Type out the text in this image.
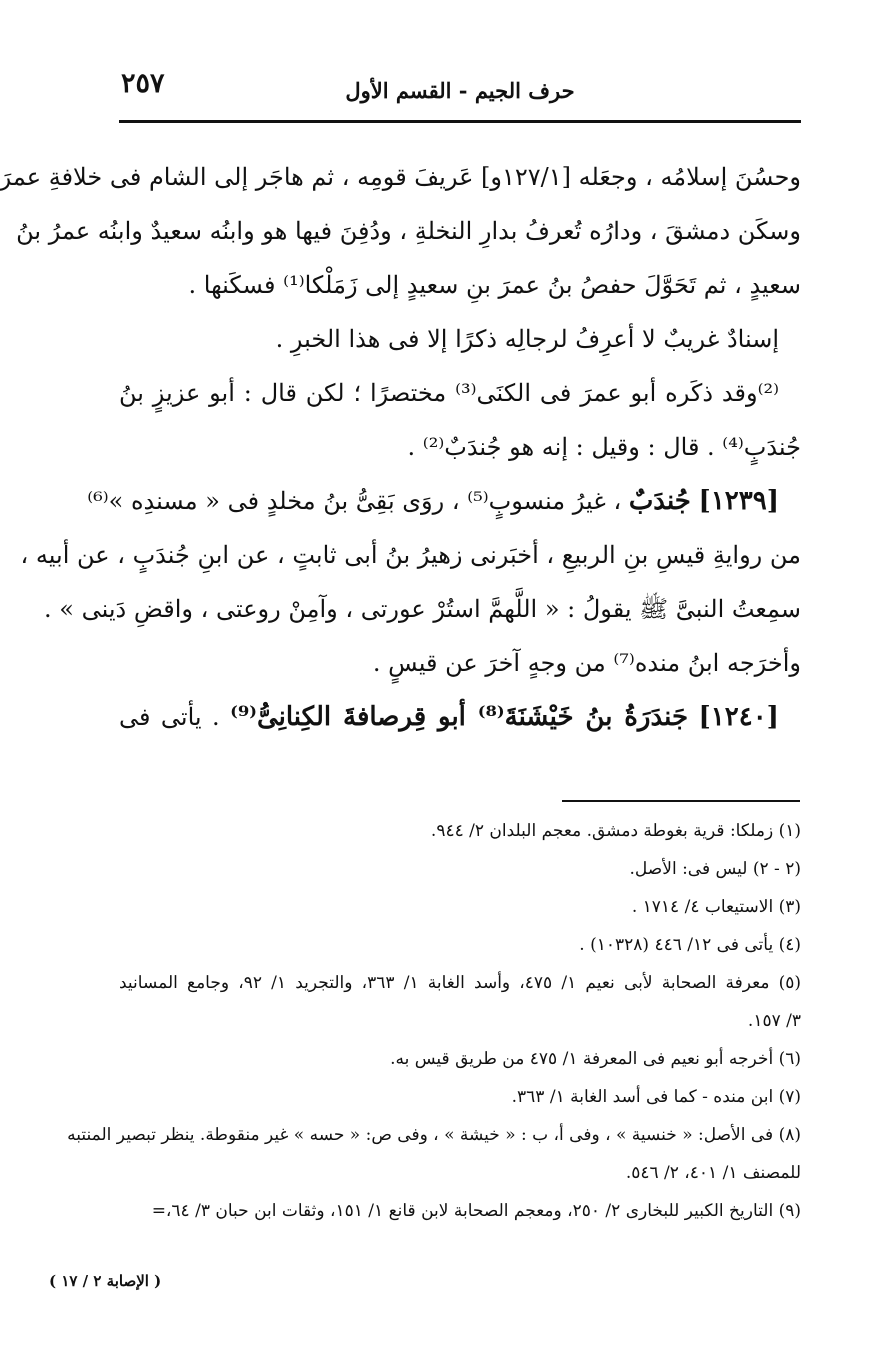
٢٥٧	حرف الجيم - القسم الأول
وحسُنَ إسلامُه ، وجعَله [١٢٧/١و] عَريفَ قومِه ، ثم هاجَر إلى الشام فى خلافةِ عمرَ
وسكَن دمشقَ ، ودارُه تُعرفُ بدارِ النخلةِ ، ودُفِنَ فيها هو وابنُه سعيدٌ وابنُه عمرُ بنُ
سعيدٍ ، ثم تَحَوَّلَ حفصُ بنُ عمرَ بنِ سعيدٍ إلى زَمَلْكا⁽¹⁾ فسكَنها .
إسنادٌ غريبٌ لا أعرِفُ لرجالِه ذكرًا إلا فى هذا الخبرِ .
⁽²⁾وقد ذكَره أبو عمرَ فى الكنَى⁽³⁾ مختصرًا ؛ لكن قال : أبو عزيزٍ بنُ
جُندَبٍ⁽⁴⁾ . قال : وقيل : إنه هو جُندَبٌ⁽²⁾ .
[١٢٣٩] جُندَبٌ ، غيرُ منسوبٍ⁽⁵⁾ ، روَى بَقِىُّ بنُ مخلدٍ فى « مسندِه »⁽⁶⁾
من روايةِ قيسِ بنِ الربيعِ ، أخبَرنى زهيرُ بنُ أبى ثابتٍ ، عن ابنِ جُندَبٍ ، عن أبيه ،
سمِعتُ النبىَّ ﷺ يقولُ : « اللَّهمَّ استُرْ عورتى ، وآمِنْ روعتى ، واقضِ دَينى » .
وأخرَجه ابنُ منده⁽⁷⁾ من وجهٍ آخرَ عن قيسٍ .
[١٢٤٠] جَندَرَةُ بنُ خَيْشَنَةَ⁽⁸⁾ أبو قِرصافةَ الكِنانِىُّ⁽⁹⁾ . يأتى فى
(١) زملكا: قرية بغوطة دمشق. معجم البلدان ٢/ ٩٤٤.
(٢ - ٢) ليس فى: الأصل.
(٣) الاستيعاب ٤/ ١٧١٤ .
(٤) يأتى فى ١٢/ ٤٤٦ (١٠٣٢٨) .
(٥) معرفة الصحابة لأبى نعيم ١/ ٤٧٥، وأسد الغابة ١/ ٣٦٣، والتجريد ١/ ٩٢، وجامع المسانيد
٣/ ١٥٧.
(٦) أخرجه أبو نعيم فى المعرفة ١/ ٤٧٥ من طريق قيس به.
(٧) ابن منده - كما فى أسد الغابة ١/ ٣٦٣.
(٨) فى الأصل: « خنسية » ، وفى أ، ب : « خيشة » ، وفى ص: « حسه » غير منقوطة. ينظر تبصير المنتبه
للمصنف ١/ ٤٠١، ٢/ ٥٤٦.
(٩) التاريخ الكبير للبخارى ٢/ ٢٥٠، ومعجم الصحابة لابن قانع ١/ ١٥١، وثقات ابن حبان ٣/ ٦٤،=
( الإصابة ٢ / ١٧ )
